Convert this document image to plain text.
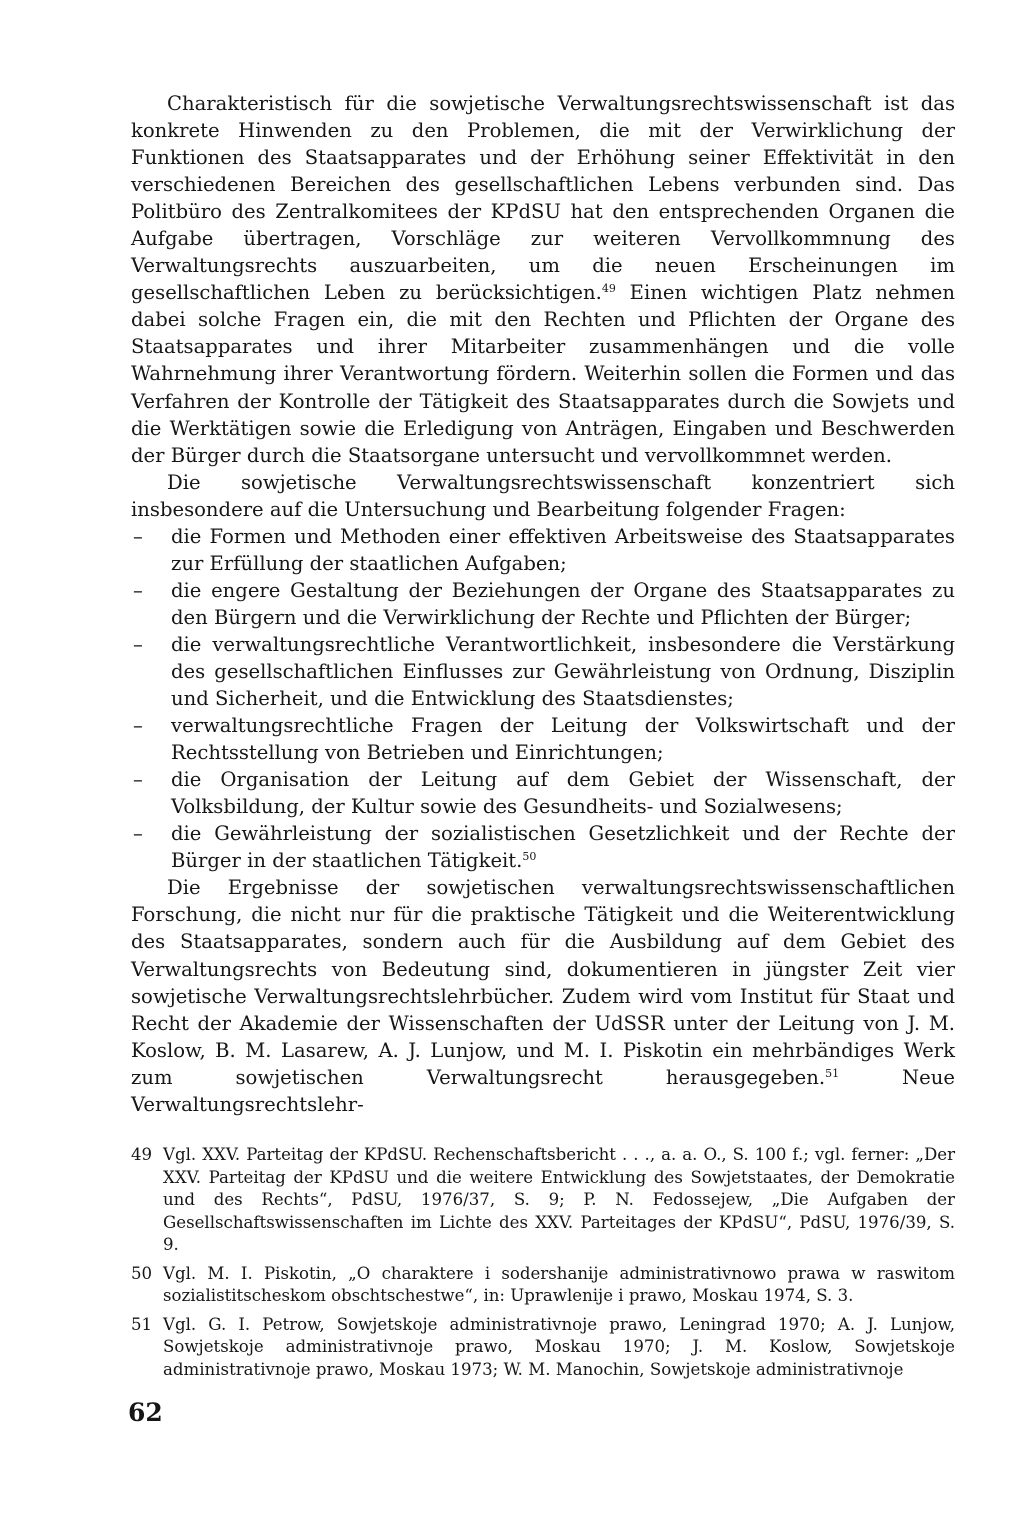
Charakteristisch für die sowjetische Verwaltungsrechtswissenschaft ist das konkrete Hinwenden zu den Problemen, die mit der Verwirklichung der Funktionen des Staatsapparates und der Erhöhung seiner Effektivität in den verschiedenen Bereichen des gesellschaftlichen Lebens verbunden sind. Das Politbüro des Zentralkomitees der KPdSU hat den entsprechenden Organen die Aufgabe übertragen, Vorschläge zur weiteren Vervollkommnung des Verwaltungsrechts auszuarbeiten, um die neuen Erscheinungen im gesellschaftlichen Leben zu berücksichtigen.$^{49}$ Einen wichtigen Platz nehmen dabei solche Fragen ein, die mit den Rechten und Pflichten der Organe des Staatsapparates und ihrer Mitarbeiter zusammenhängen und die volle Wahrnehmung ihrer Verantwortung fördern. Weiterhin sollen die Formen und das Verfahren der Kontrolle der Tätigkeit des Staatsapparates durch die Sowjets und die Werktätigen sowie die Erledigung von Anträgen, Eingaben und Beschwerden der Bürger durch die Staatsorgane untersucht und vervollkommnet werden.

Die sowjetische Verwaltungsrechtswissenschaft konzentriert sich insbesondere auf die Untersuchung und Bearbeitung folgender Fragen:

– die Formen und Methoden einer effektiven Arbeitsweise des Staatsapparates zur Erfüllung der staatlichen Aufgaben;
– die engere Gestaltung der Beziehungen der Organe des Staatsapparates zu den Bürgern und die Verwirklichung der Rechte und Pflichten der Bürger;
– die verwaltungsrechtliche Verantwortlichkeit, insbesondere die Verstärkung des gesellschaftlichen Einflusses zur Gewährleistung von Ordnung, Disziplin und Sicherheit, und die Entwicklung des Staatsdienstes;
– verwaltungsrechtliche Fragen der Leitung der Volkswirtschaft und der Rechtsstellung von Betrieben und Einrichtungen;
– die Organisation der Leitung auf dem Gebiet der Wissenschaft, der Volksbildung, der Kultur sowie des Gesundheits- und Sozialwesens;
– die Gewährleistung der sozialistischen Gesetzlichkeit und der Rechte der Bürger in der staatlichen Tätigkeit.$^{50}$

Die Ergebnisse der sowjetischen verwaltungsrechtswissenschaftlichen Forschung, die nicht nur für die praktische Tätigkeit und die Weiterentwicklung des Staatsapparates, sondern auch für die Ausbildung auf dem Gebiet des Verwaltungsrechts von Bedeutung sind, dokumentieren in jüngster Zeit vier sowjetische Verwaltungsrechtslehrbücher. Zudem wird vom Institut für Staat und Recht der Akademie der Wissenschaften der UdSSR unter der Leitung von J. M. Koslow, B. M. Lasarew, A. J. Lunjow, und M. I. Piskotin ein mehrbändiges Werk zum sowjetischen Verwaltungsrecht herausgegeben.$^{51}$ Neue Verwaltungsrechtslehr-

49 Vgl. XXV. Parteitag der KPdSU. Rechenschaftsbericht . . ., a. a. O., S. 100 f.; vgl. ferner: „Der XXV. Parteitag der KPdSU und die weitere Entwicklung des Sowjetstaates, der Demokratie und des Rechts“, PdSU, 1976/37, S. 9; P. N. Fedossejew, „Die Aufgaben der Gesellschaftswissenschaften im Lichte des XXV. Parteitages der KPdSU“, PdSU, 1976/39, S. 9.
50 Vgl. M. I. Piskotin, „O charaktere i sodershanije administrativnowo prawa w raswitom sozialistitscheskom obschtschestwe“, in: Uprawlenije i prawo, Moskau 1974, S. 3.
51 Vgl. G. I. Petrow, Sowjetskoje administrativnoje prawo, Leningrad 1970; A. J. Lunjow, Sowjetskoje administrativnoje prawo, Moskau 1970; J. M. Koslow, Sowjetskoje administrativnoje prawo, Moskau 1973; W. M. Manochin, Sowjetskoje administrativnoje
62
